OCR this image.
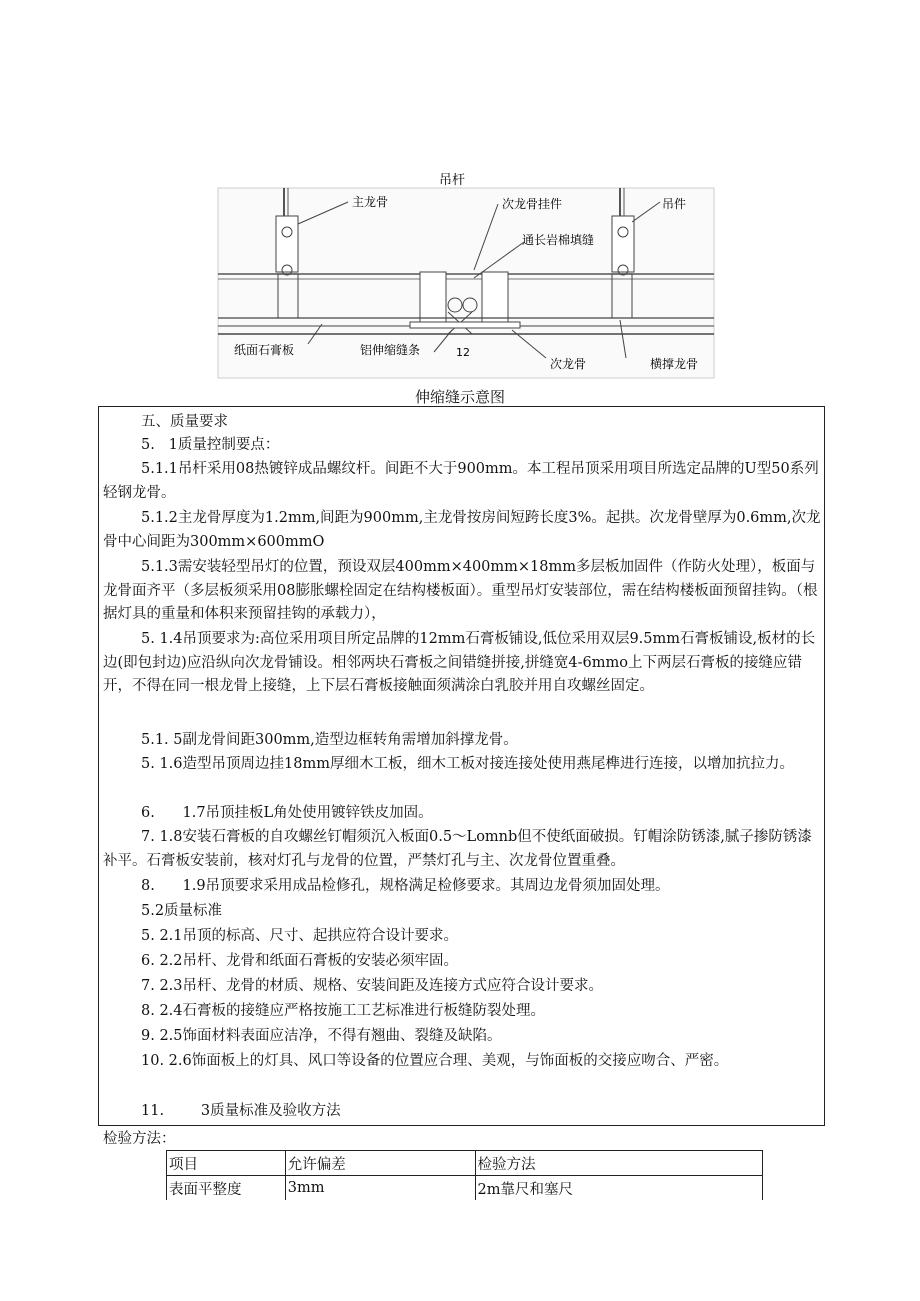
吊杆
主龙骨	次龙骨挂件	吊件
通长岩棉填缝
纸面石膏板	铝伸缩缝条	12
次龙骨	横撑龙骨
伸缩缝示意图
五、质量要求
5.   1质量控制要点：
5.1.1吊杆采用08热镀锌成品螺纹杆。间距不大于900mm。本工程吊顶采用项目所选定品牌的U型50系列轻钢龙骨。
5.1.2主龙骨厚度为1.2mm,间距为900mm,主龙骨按房间短跨长度3%。起拱。次龙骨壁厚为0.6mm,次龙骨中心间距为300mm×600mmO
5.1.3需安装轻型吊灯的位置，预设双层400mm×400mm×18mm多层板加固件（作防火处理），板面与龙骨面齐平（多层板须采用08膨胀螺栓固定在结构楼板面）。重型吊灯安装部位，需在结构楼板面预留挂钩。（根据灯具的重量和体积来预留挂钩的承载力），
5. 1.4吊顶要求为:高位采用项目所定品牌的12mm石膏板铺设,低位采用双层9.5mm石膏板铺设,板材的长边(即包封边)应沿纵向次龙骨铺设。相邻两块石膏板之间错缝拼接,拼缝宽4-6mmo上下两层石膏板的接缝应错开，不得在同一根龙骨上接缝，上下层石膏板接触面须满涂白乳胶并用自攻螺丝固定。
5.1. 5副龙骨间距300mm,造型边框转角需增加斜撑龙骨。
5. 1.6造型吊顶周边挂18mm厚细木工板，细木工板对接连接处使用燕尾榫进行连接，以增加抗拉力。
6.      1.7吊顶挂板L角处使用镀锌铁皮加固。
7. 1.8安装石膏板的自攻螺丝钉帽须沉入板面0.5～Lomnb但不使纸面破损。钉帽涂防锈漆,腻子掺防锈漆补平。石膏板安装前，核对灯孔与龙骨的位置，严禁灯孔与主、次龙骨位置重叠。
8.      1.9吊顶要求采用成品检修孔，规格满足检修要求。其周边龙骨须加固处理。
5.2质量标准
5. 2.1吊顶的标高、尺寸、起拱应符合设计要求。
6. 2.2吊杆、龙骨和纸面石膏板的安装必须牢固。
7. 2.3吊杆、龙骨的材质、规格、安装间距及连接方式应符合设计要求。
8. 2.4石膏板的接缝应严格按施工工艺标准进行板缝防裂处理。
9. 2.5饰面材料表面应洁净，不得有翘曲、裂缝及缺陷。
10. 2.6饰面板上的灯具、风口等设备的位置应合理、美观，与饰面板的交接应吻合、严密。
11.        3质量标准及验收方法
检验方法：
项目	允许偏差	检验方法
表面平整度	3mm	2m靠尺和塞尺
